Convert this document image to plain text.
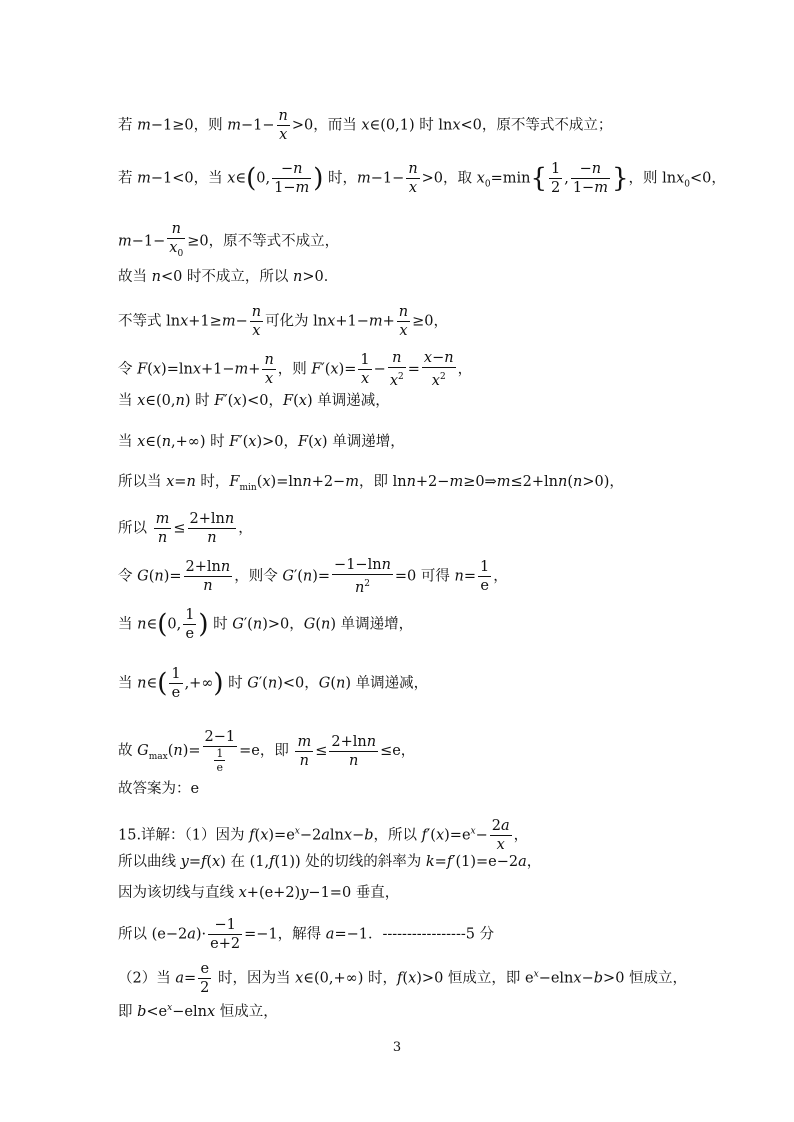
若 m−1≥0，则 $m-1- \frac{n}{x} >0$，而当 x∈(0,1) 时 lnx<0，原不等式不成立；
若 m−1<0，当 x∈(0, $\frac{-n}{1-m}$ ) 时，$m-1- \frac{n}{x} >0$，取 $x_0=\min\{ \frac{1}{2}$ , $\frac{-n}{1-m}$ }，则 lnx$_0$<0，
$m-1- \frac{n}{x_0} \ge 0$，原不等式不成立，
故当 n<0 时不成立，所以 n>0．
不等式 $\ln x+1\ge m- \frac{n}{x}$ 可化为 $\ln x+1-m+ \frac{n}{x} \ge 0$，
令 $F(x)=\ln x+1-m+ \frac{n}{x}$ ，则 $F'(x)= \frac{1}{x} - \frac{n}{x^2} = \frac{x-n}{x^2}$ ，
当 x∈(0,n) 时 F′(x)<0，F(x) 单调递减，
当 x∈(n,+∞) 时 F′(x)>0，F(x) 单调递增，
所以当 x=n 时，$F_{min}(x)=\ln n+2-m$，即 lnn+2−m≥0⇒m≤2+lnn(n>0)，
所以 $\frac{m}{n} \le \frac{2+\ln n}{n}$ ，
令 $G(n)= \frac{2+\ln n}{n}$ ，则令 $G'(n)= \frac{-1-\ln n}{n^2} =0$ 可得 $n= \frac{1}{e}$ ，
当 n∈(0, $\frac{1}{e}$ ) 时 G′(n)>0，G(n) 单调递增，
当 n∈( $\frac{1}{e}$ ,+∞) 时 G′(n)<0，G(n) 单调递减，
故 $G_{max}(n)= \frac{2-1}{\frac{1}{e}} =e$，即 $\frac{m}{n} \le \frac{2+\ln n}{n} \le e$，
故答案为：e
15.详解：（1）因为 $f(x)=e^x-2alnx-b$，所以 $f'(x)=e^x- \frac{2a}{x}$ ，
所以曲线 y=f(x) 在 (1,f(1)) 处的切线的斜率为 k=f′(1)=e−2a，
因为该切线与直线 x+(e+2)y−1=0 垂直，
所以 $(e-2a)\cdot \frac{-1}{e+2} =-1$，解得 a=−1．-----------------5 分
（2）当 $a= \frac{e}{2}$ 时，因为当 x∈(0,+∞) 时，f(x)>0 恒成立，即 $e^x-elnx-b>0$ 恒成立，
即 $b<e^x-elnx$ 恒成立，
3
